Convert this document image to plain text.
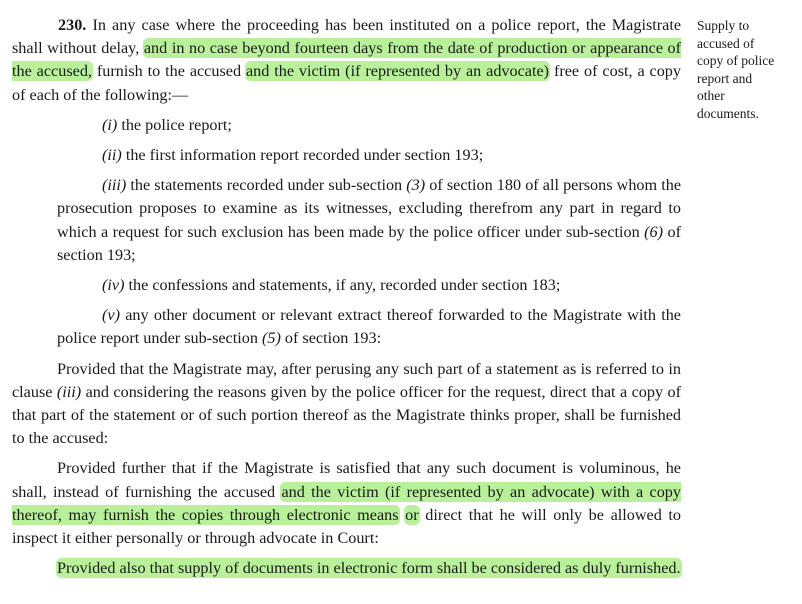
230. In any case where the proceeding has been instituted on a police report, the Magistrate shall without delay, and in no case beyond fourteen days from the date of production or appearance of the accused, furnish to the accused and the victim (if represented by an advocate) free of cost, a copy of each of the following:—

(i) the police report;

(ii) the first information report recorded under section 193;

(iii) the statements recorded under sub-section (3) of section 180 of all persons whom the prosecution proposes to examine as its witnesses, excluding therefrom any part in regard to which a request for such exclusion has been made by the police officer under sub-section (6) of section 193;

(iv) the confessions and statements, if any, recorded under section 183;

(v) any other document or relevant extract thereof forwarded to the Magistrate with the police report under sub-section (5) of section 193:

Provided that the Magistrate may, after perusing any such part of a statement as is referred to in clause (iii) and considering the reasons given by the police officer for the request, direct that a copy of that part of the statement or of such portion thereof as the Magistrate thinks proper, shall be furnished to the accused:

Provided further that if the Magistrate is satisfied that any such document is voluminous, he shall, instead of furnishing the accused and the victim (if represented by an advocate) with a copy thereof, may furnish the copies through electronic means or direct that he will only be allowed to inspect it either personally or through advocate in Court:

Provided also that supply of documents in electronic form shall be considered as duly furnished.

Supply to
accused of
copy of police
report and
other
documents.
